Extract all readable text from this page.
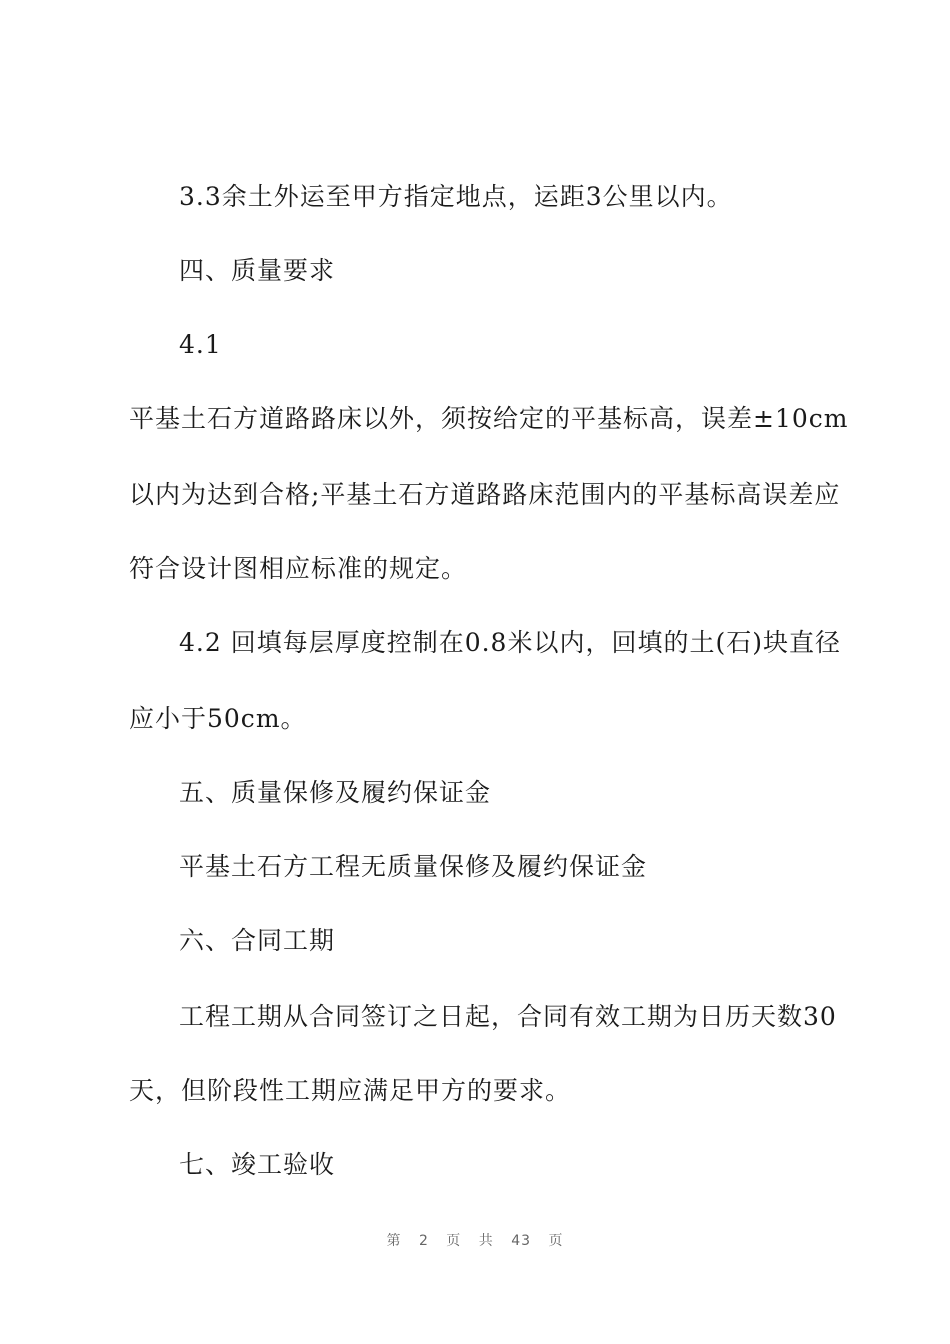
3.3余土外运至甲方指定地点，运距3公里以内。
四、质量要求
4.1
平基土石方道路路床以外，须按给定的平基标高，误差±10cm
以内为达到合格;平基土石方道路路床范围内的平基标高误差应
符合设计图相应标准的规定。
4.2 回填每层厚度控制在0.8米以内，回填的土(石)块直径
应小于50cm。
五、质量保修及履约保证金
平基土石方工程无质量保修及履约保证金
六、合同工期
工程工期从合同签订之日起，合同有效工期为日历天数30
天，但阶段性工期应满足甲方的要求。
七、竣工验收
第 2 页 共 43 页
